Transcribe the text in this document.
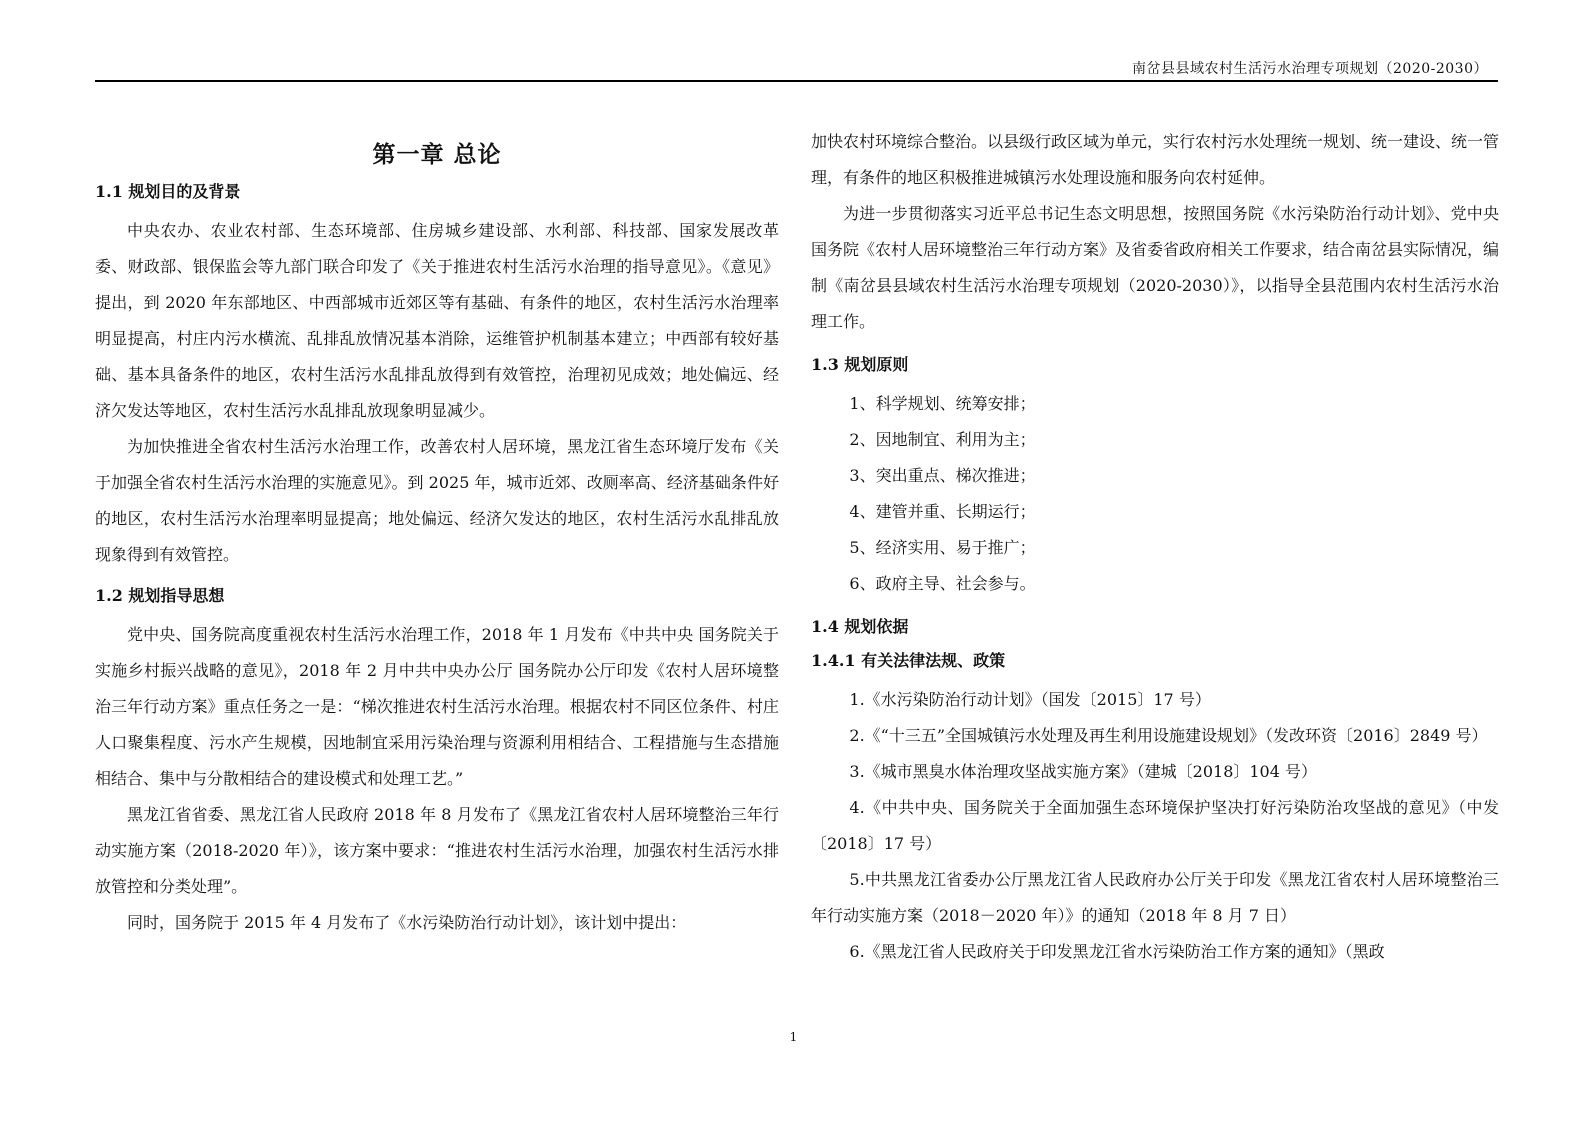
南岔县县域农村生活污水治理专项规划（2020-2030）
第一章 总论
1.1 规划目的及背景

中央农办、农业农村部、生态环境部、住房城乡建设部、水利部、科技部、国家发展改革委、财政部、银保监会等九部门联合印发了《关于推进农村生活污水治理的指导意见》。《意见》提出，到 2020 年东部地区、中西部城市近郊区等有基础、有条件的地区，农村生活污水治理率明显提高，村庄内污水横流、乱排乱放情况基本消除，运维管护机制基本建立；中西部有较好基础、基本具备条件的地区，农村生活污水乱排乱放得到有效管控，治理初见成效；地处偏远、经济欠发达等地区，农村生活污水乱排乱放现象明显减少。

为加快推进全省农村生活污水治理工作，改善农村人居环境，黑龙江省生态环境厅发布《关于加强全省农村生活污水治理的实施意见》。到 2025 年，城市近郊、改厕率高、经济基础条件好的地区，农村生活污水治理率明显提高；地处偏远、经济欠发达的地区，农村生活污水乱排乱放现象得到有效管控。

1.2 规划指导思想

党中央、国务院高度重视农村生活污水治理工作，2018 年 1 月发布《中共中央 国务院关于实施乡村振兴战略的意见》，2018 年 2 月中共中央办公厅 国务院办公厅印发《农村人居环境整治三年行动方案》重点任务之一是：“梯次推进农村生活污水治理。根据农村不同区位条件、村庄人口聚集程度、污水产生规模，因地制宜采用污染治理与资源利用相结合、工程措施与生态措施相结合、集中与分散相结合的建设模式和处理工艺。”

黑龙江省省委、黑龙江省人民政府 2018 年 8 月发布了《黑龙江省农村人居环境整治三年行动实施方案（2018-2020 年）》，该方案中要求：“推进农村生活污水治理，加强农村生活污水排放管控和分类处理”。

同时，国务院于 2015 年 4 月发布了《水污染防治行动计划》，该计划中提出：

加快农村环境综合整治。以县级行政区域为单元，实行农村污水处理统一规划、统一建设、统一管理，有条件的地区积极推进城镇污水处理设施和服务向农村延伸。

为进一步贯彻落实习近平总书记生态文明思想，按照国务院《水污染防治行动计划》、党中央 国务院《农村人居环境整治三年行动方案》及省委省政府相关工作要求，结合南岔县实际情况，编制《南岔县县域农村生活污水治理专项规划（2020-2030）》，以指导全县范围内农村生活污水治理工作。

1.3 规划原则
1、科学规划、统筹安排；
2、因地制宜、利用为主；
3、突出重点、梯次推进；
4、建管并重、长期运行；
5、经济实用、易于推广；
6、政府主导、社会参与。
1.4 规划依据
1.4.1 有关法律法规、政策
1.《水污染防治行动计划》（国发〔2015〕17 号）
2.《“十三五”全国城镇污水处理及再生利用设施建设规划》（发改环资〔2016〕2849 号）
3.《城市黑臭水体治理攻坚战实施方案》（建城〔2018〕104 号）
4.《中共中央、国务院关于全面加强生态环境保护坚决打好污染防治攻坚战的意见》（中发〔2018〕17 号）
5.中共黑龙江省委办公厅黑龙江省人民政府办公厅关于印发《黑龙江省农村人居环境整治三年行动实施方案（2018－2020 年）》的通知（2018 年 8 月 7 日）
6.《黑龙江省人民政府关于印发黑龙江省水污染防治工作方案的通知》（黑政
1
